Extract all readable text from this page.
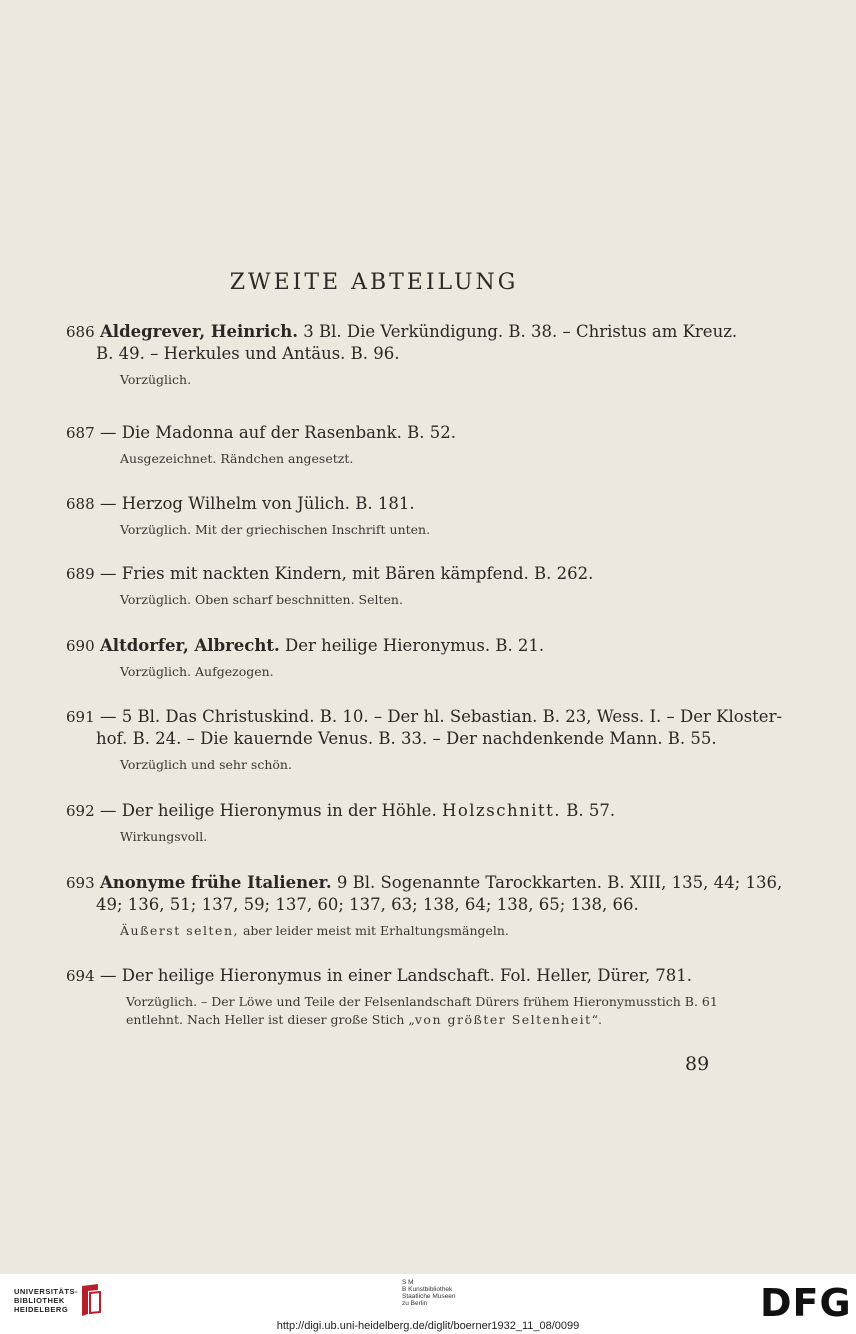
ZWEITE ABTEILUNG
686 Aldegrever, Heinrich. 3 Bl. Die Verkündigung. B. 38. – Christus am Kreuz.
B. 49. – Herkules und Antäus. B. 96.
Vorzüglich.
687 — Die Madonna auf der Rasenbank. B. 52.
Ausgezeichnet. Rändchen angesetzt.
688 — Herzog Wilhelm von Jülich. B. 181.
Vorzüglich. Mit der griechischen Inschrift unten.
689 — Fries mit nackten Kindern, mit Bären kämpfend. B. 262.
Vorzüglich. Oben scharf beschnitten. Selten.
690 Altdorfer, Albrecht. Der heilige Hieronymus. B. 21.
Vorzüglich. Aufgezogen.
691 — 5 Bl. Das Christuskind. B. 10. – Der hl. Sebastian. B. 23, Wess. I. – Der Kloster-
hof. B. 24. – Die kauernde Venus. B. 33. – Der nachdenkende Mann. B. 55.
Vorzüglich und sehr schön.
692 — Der heilige Hieronymus in der Höhle. Holzschnitt. B. 57.
Wirkungsvoll.
693 Anonyme frühe Italiener. 9 Bl. Sogenannte Tarockkarten. B. XIII, 135, 44; 136,
49; 136, 51; 137, 59; 137, 60; 137, 63; 138, 64; 138, 65; 138, 66.
Äußerst selten, aber leider meist mit Erhaltungsmängeln.
694 — Der heilige Hieronymus in einer Landschaft. Fol. Heller, Dürer, 781.
Vorzüglich. – Der Löwe und Teile der Felsenlandschaft Dürers frühem Hieronymusstich B. 61
entlehnt. Nach Heller ist dieser große Stich „von größter Seltenheit“.
89
UNIVERSITÄTS-
BIBLIOTHEK
HEIDELBERG
S M
B Kunstbibliothek
Staatliche Museen
zu Berlin	DFG
http://digi.ub.uni-heidelberg.de/diglit/boerner1932_11_08/0099
